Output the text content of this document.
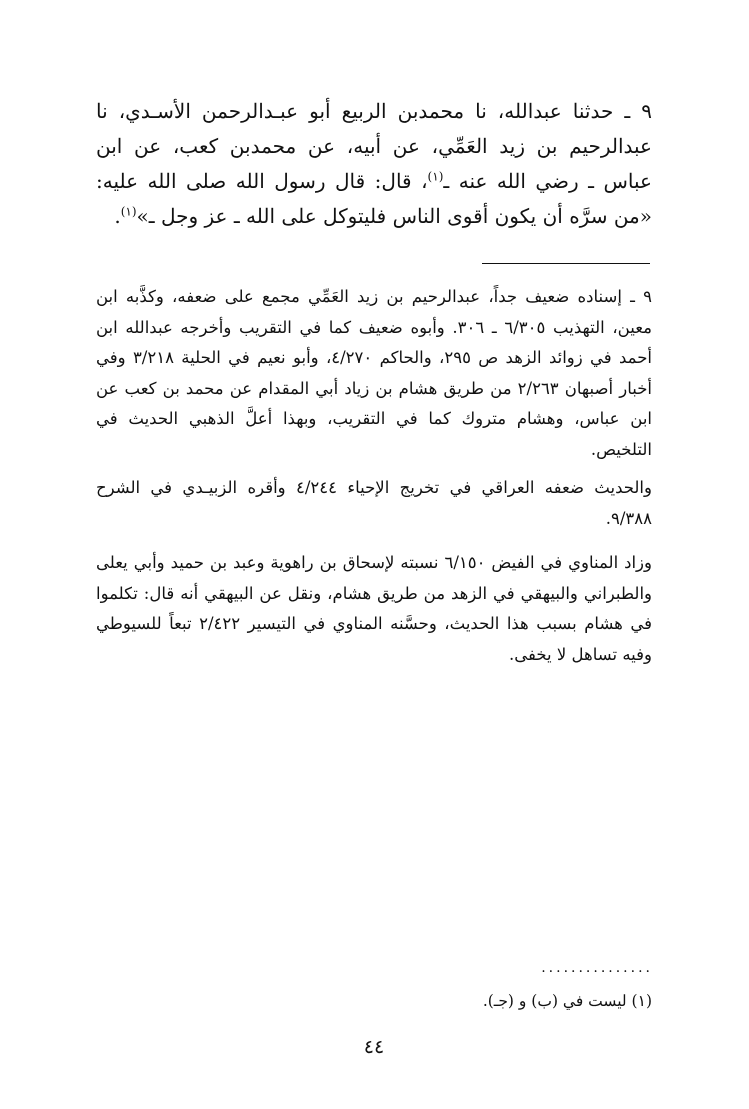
٩ ـ حدثنا عبدالله، نا محمدبن الربيع أبو عبـدالرحمن الأسـدي، نا عبدالرحيم بن زيد العَمِّي، عن أبيه، عن محمدبن كعب، عن ابن عباس ـ رضي الله عنه ـ$^{(١)}$، قال: قال رسول الله صلى الله عليه: «من سرَّه أن يكون أقوى الناس فليتوكل على الله ـ عز وجل ـ»$^{(١)}$.

٩ ـ إسناده ضعيف جداً، عبدالرحيم بن زيد العَمِّي مجمع على ضعفه، وكذَّبه ابن معين، التهذيب ٦/٣٠٥ ـ ٣٠٦. وأبوه ضعيف كما في التقريب وأخرجه عبدالله ابن أحمد في زوائد الزهد ص ٢٩٥، والحاكم ٤/٢٧٠، وأبو نعيم في الحلية ٣/٢١٨ وفي أخبار أصبهان ٢/٢٦٣ من طريق هشام بن زياد أبي المقدام عن محمد بن كعب عن ابن عباس، وهشام متروك كما في التقريب، وبهذا أعلَّ الذهبي الحديث في التلخيص.

والحديث ضعفه العراقي في تخريج الإحياء ٤/٢٤٤ وأقره الزبيـدي في الشرح ٩/٣٨٨.

وزاد المناوي في الفيض ٦/١٥٠ نسبته لإسحاق بن راهوية وعبد بن حميد وأبي يعلى والطبراني والبيهقي في الزهد من طريق هشام، ونقل عن البيهقي أنه قال: تكلموا في هشام بسبب هذا الحديث، وحسَّنه المناوي في التيسير ٢/٤٢٢ تبعاً للسيوطي وفيه تساهل لا يخفى.

...............
(١) ليست في (ب) و (جـ).
٤٤
